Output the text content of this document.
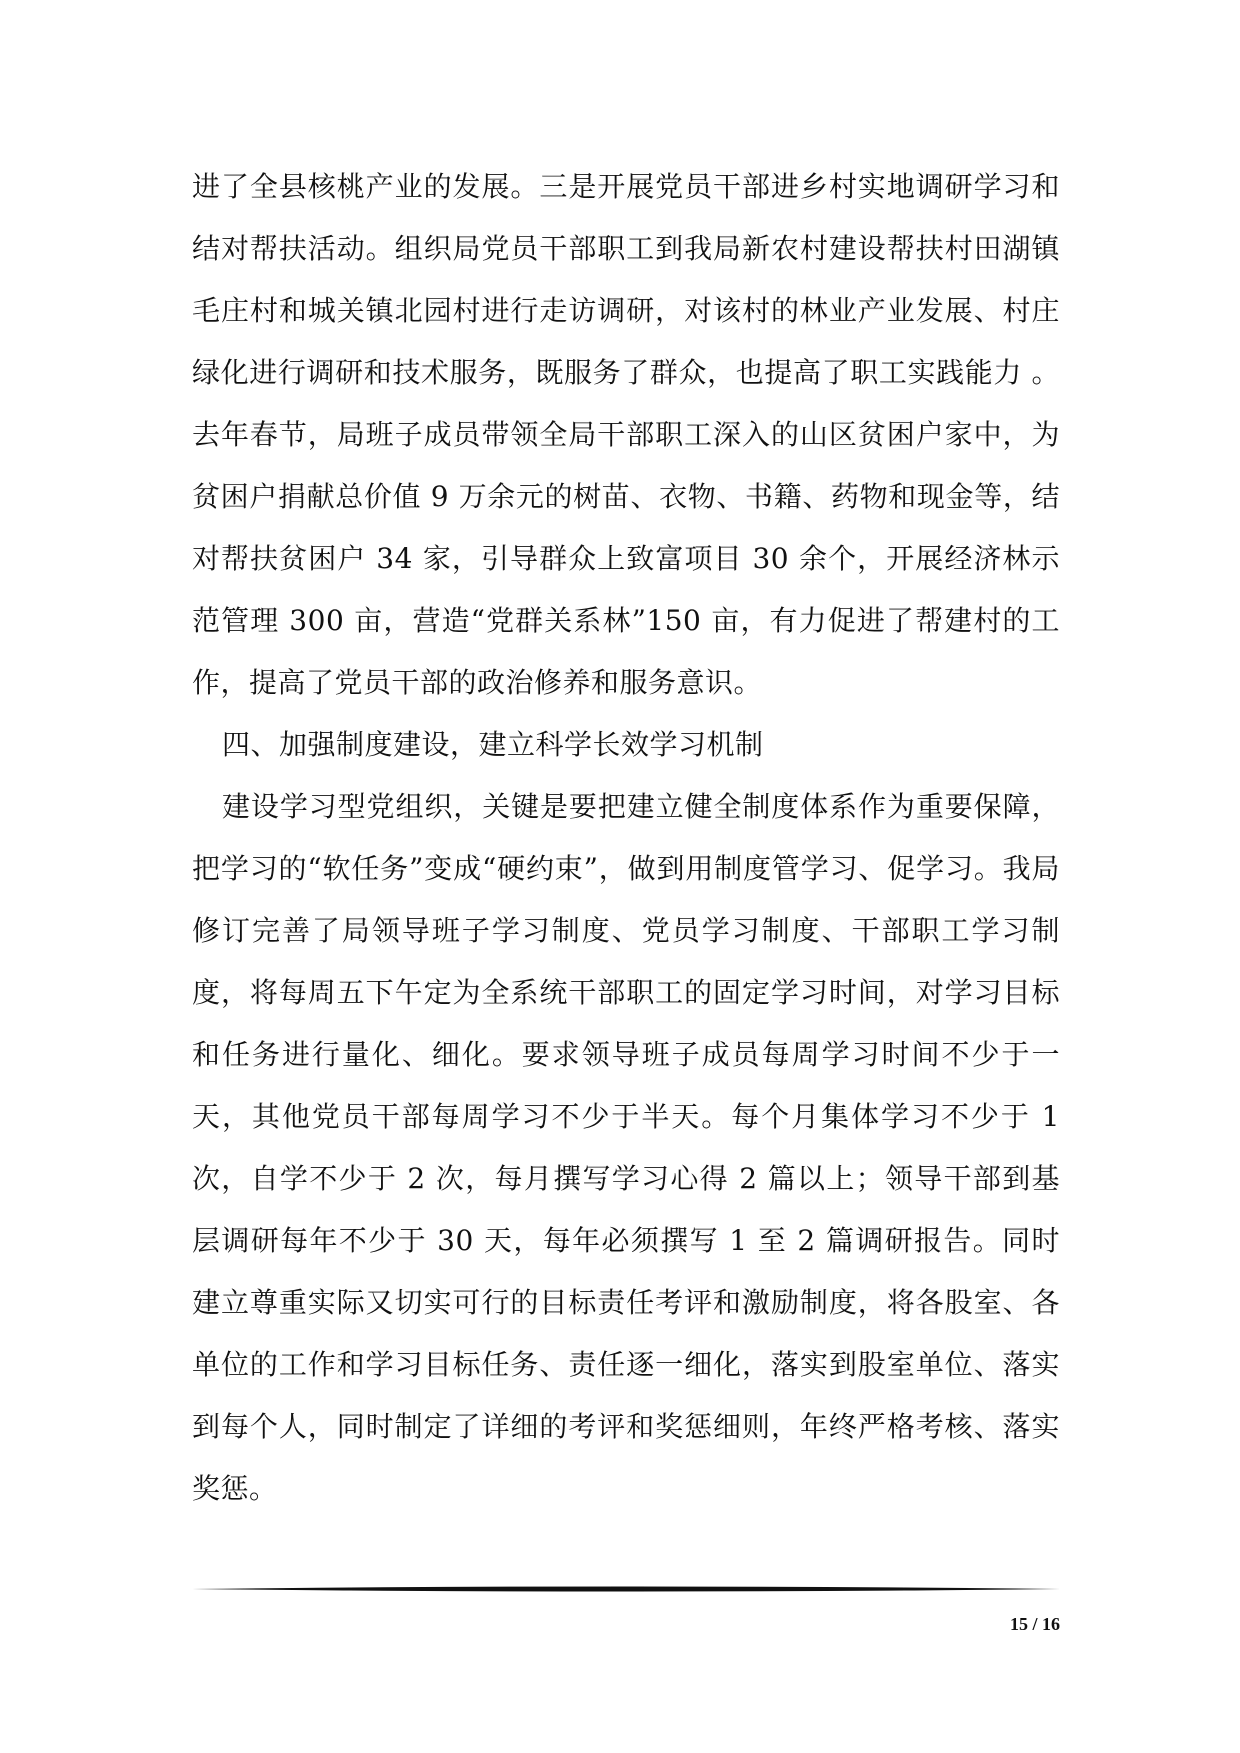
进了全县核桃产业的发展。三是开展党员干部进乡村实地调研学习和结对帮扶活动。组织局党员干部职工到我局新农村建设帮扶村田湖镇毛庄村和城关镇北园村进行走访调研，对该村的林业产业发展、村庄绿化进行调研和技术服务，既服务了群众，也提高了职工实践能力 。去年春节，局班子成员带领全局干部职工深入的山区贫困户家中，为贫困户捐献总价值 9 万余元的树苗、衣物、书籍、药物和现金等，结对帮扶贫困户 34 家，引导群众上致富项目 30 余个，开展经济林示范管理 300 亩，营造“党群关系林”150 亩，有力促进了帮建村的工作，提高了党员干部的政治修养和服务意识。

四、加强制度建设，建立科学长效学习机制

建设学习型党组织，关键是要把建立健全制度体系作为重要保障，把学习的“软任务”变成“硬约束”，做到用制度管学习、促学习。我局修订完善了局领导班子学习制度、党员学习制度、干部职工学习制度，将每周五下午定为全系统干部职工的固定学习时间，对学习目标和任务进行量化、细化。要求领导班子成员每周学习时间不少于一天，其他党员干部每周学习不少于半天。每个月集体学习不少于 1 次，自学不少于 2 次，每月撰写学习心得 2 篇以上；领导干部到基层调研每年不少于 30 天，每年必须撰写 1 至 2 篇调研报告。同时建立尊重实际又切实可行的目标责任考评和激励制度，将各股室、各单位的工作和学习目标任务、责任逐一细化，落实到股室单位、落实到每个人，同时制定了详细的考评和奖惩细则，年终严格考核、落实奖惩。

15 / 16
